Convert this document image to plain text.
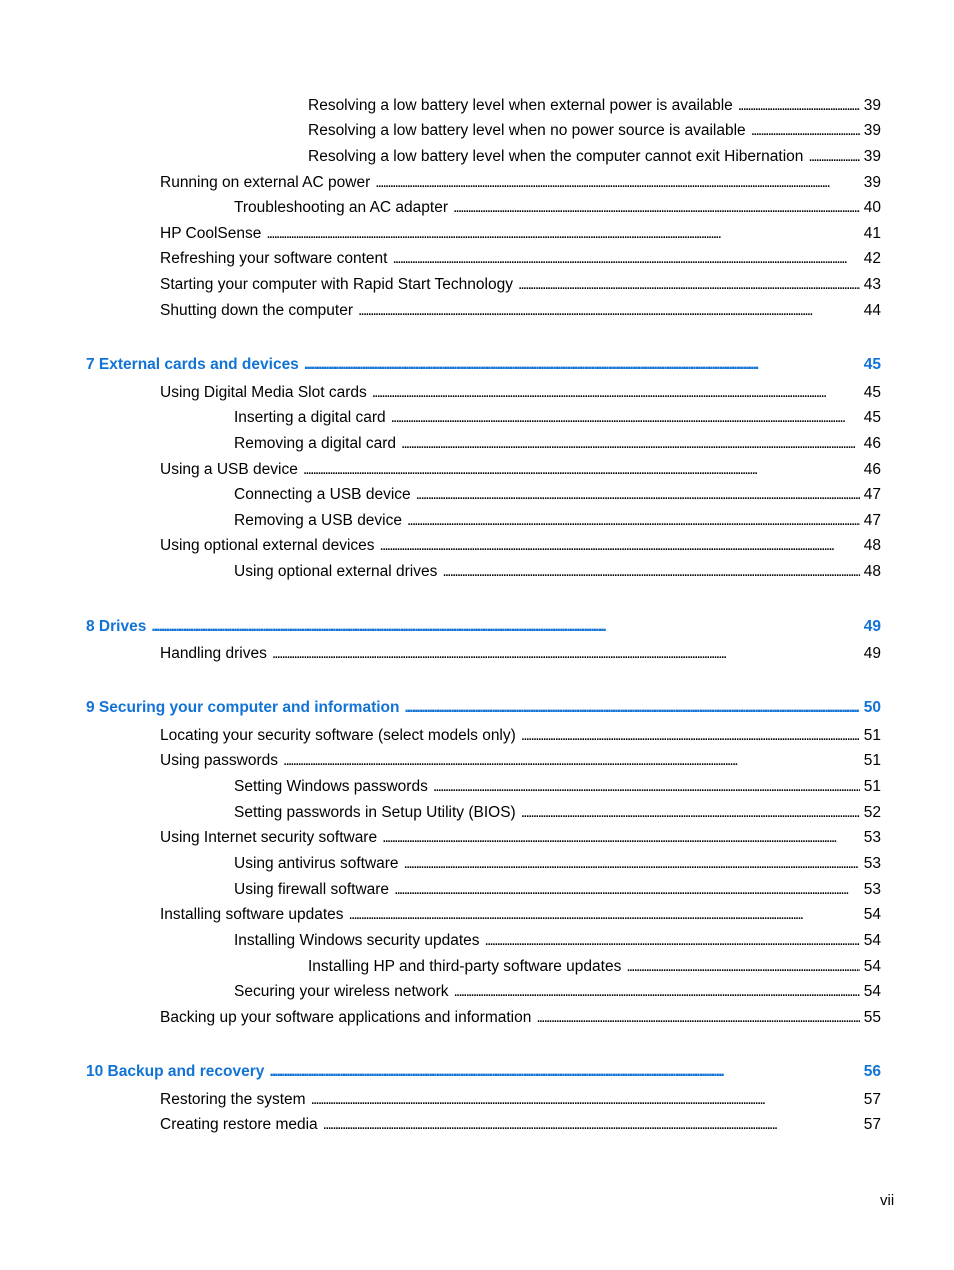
Resolving a low battery level when external power is available . . .	39
Resolving a low battery level when no power source is available . . .	39
Resolving a low battery level when the computer cannot exit Hibernation . . .	39
Running on external AC power . . .	39
Troubleshooting an AC adapter . . .	40
HP CoolSense . . .	41
Refreshing your software content . . .	42
Starting your computer with Rapid Start Technology . . .	43
Shutting down the computer . . .	44
7 External cards and devices . . .	45
Using Digital Media Slot cards . . .	45
Inserting a digital card . . .	45
Removing a digital card . . .	46
Using a USB device . . .	46
Connecting a USB device . . .	47
Removing a USB device . . .	47
Using optional external devices . . .	48
Using optional external drives . . .	48
8 Drives . . .	49
Handling drives . . .	49
9 Securing your computer and information . . .	50
Locating your security software (select models only) . . .	51
Using passwords . . .	51
Setting Windows passwords . . .	51
Setting passwords in Setup Utility (BIOS) . . .	52
Using Internet security software . . .	53
Using antivirus software . . .	53
Using firewall software . . .	53
Installing software updates . . .	54
Installing Windows security updates . . .	54
Installing HP and third-party software updates . . .	54
Securing your wireless network . . .	54
Backing up your software applications and information . . .	55
10 Backup and recovery . . .	56
Restoring the system . . .	57
Creating restore media . . .	57
vii
